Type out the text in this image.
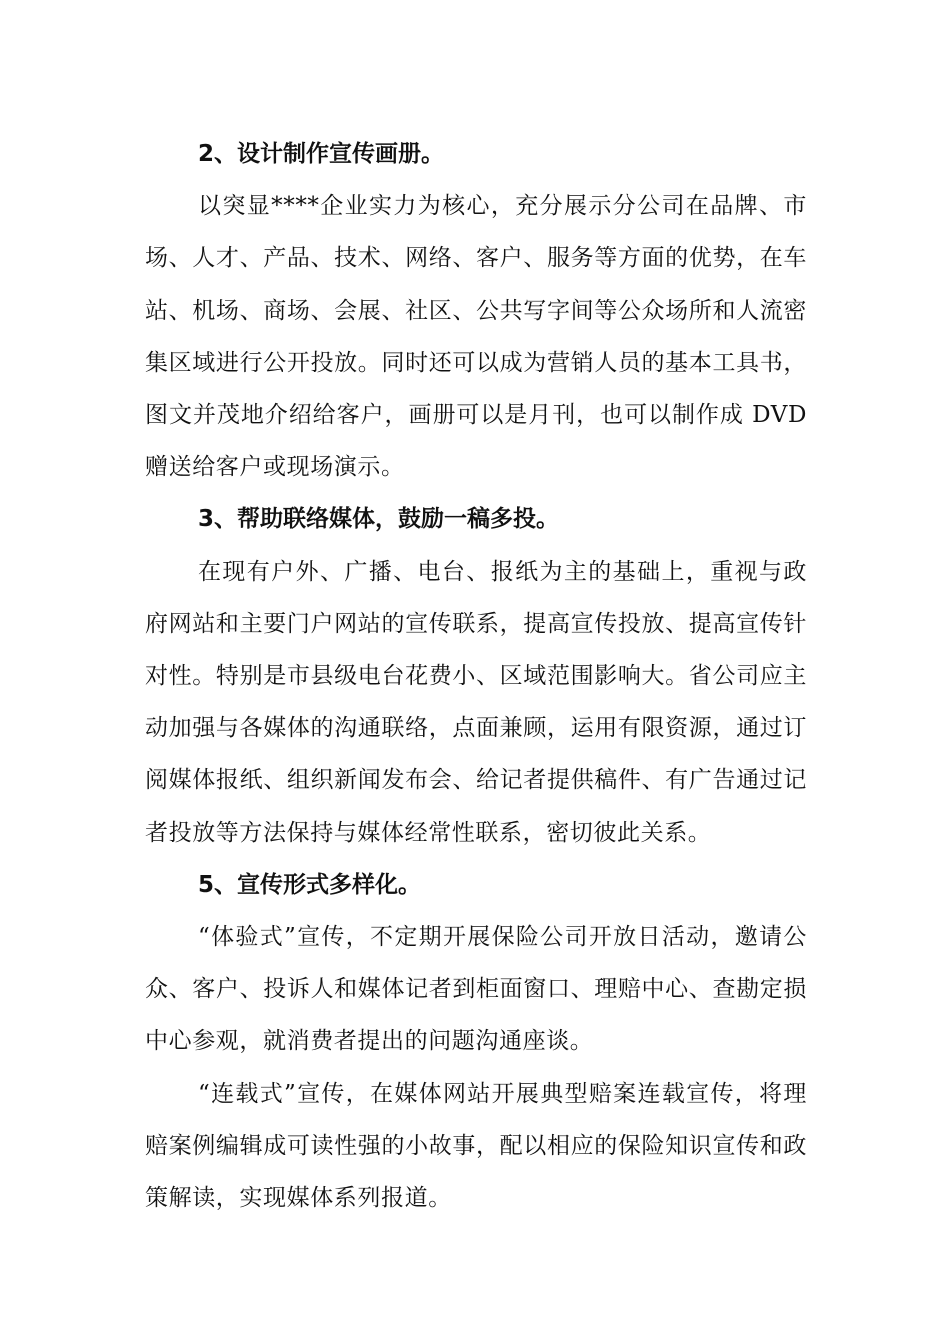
2、设计制作宣传画册。

以突显****企业实力为核心，充分展示分公司在品牌、市场、人才、产品、技术、网络、客户、服务等方面的优势，在车站、机场、商场、会展、社区、公共写字间等公众场所和人流密集区域进行公开投放。同时还可以成为营销人员的基本工具书，图文并茂地介绍给客户，画册可以是月刊，也可以制作成 DVD 赠送给客户或现场演示。

3、帮助联络媒体，鼓励一稿多投。

在现有户外、广播、电台、报纸为主的基础上，重视与政府网站和主要门户网站的宣传联系，提高宣传投放、提高宣传针对性。特别是市县级电台花费小、区域范围影响大。省公司应主动加强与各媒体的沟通联络，点面兼顾，运用有限资源，通过订阅媒体报纸、组织新闻发布会、给记者提供稿件、有广告通过记者投放等方法保持与媒体经常性联系，密切彼此关系。

5、宣传形式多样化。

“体验式”宣传，不定期开展保险公司开放日活动，邀请公众、客户、投诉人和媒体记者到柜面窗口、理赔中心、查勘定损中心参观，就消费者提出的问题沟通座谈。

“连载式”宣传，在媒体网站开展典型赔案连载宣传，将理赔案例编辑成可读性强的小故事，配以相应的保险知识宣传和政策解读，实现媒体系列报道。
